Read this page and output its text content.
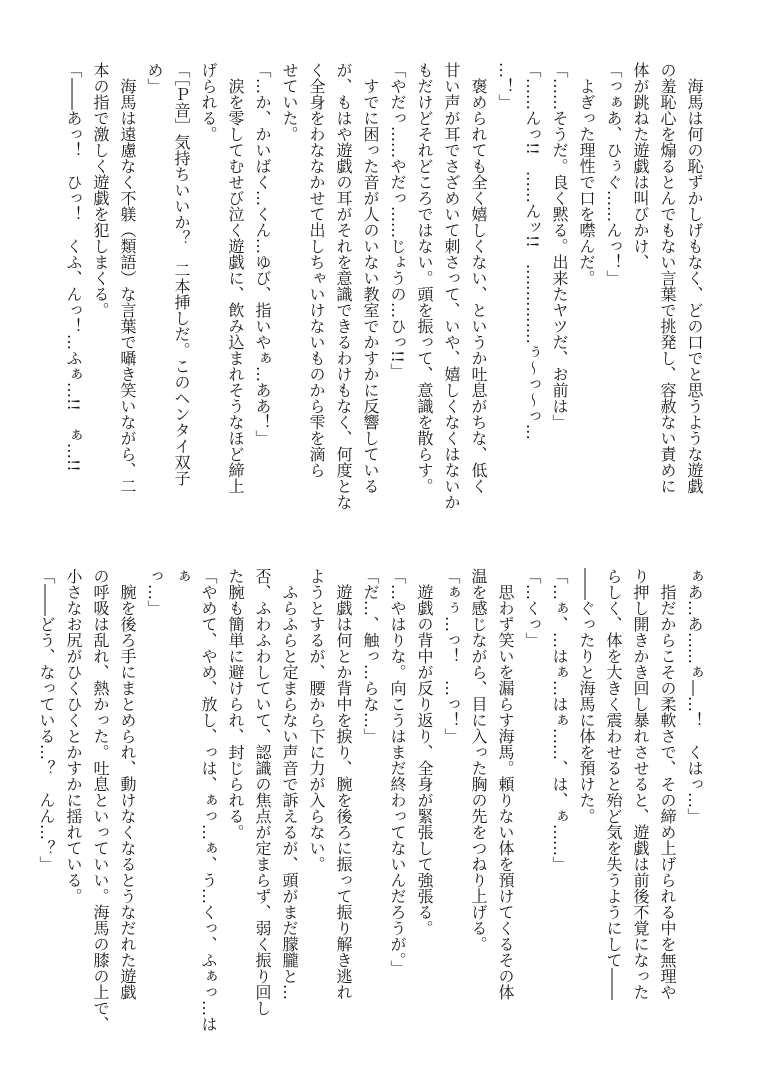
　海馬は何の恥ずかしげもなく、どの口でと思うような遊戯

の羞恥心を煽るとんでもない言葉で挑発し、容赦ない責めに

体が跳ねた遊戯は叫びかけ、

「っぁあ、ひぅぐ……んっ！」

　よぎった理性で口を噤んだ。

「……そうだ。良く黙る。出来たヤツだ、お前は」

「……んっ!!　……んッ!!　……………ぅ～っ～っ…

…！」

　褒められても全く嬉しくない、というか吐息がちな、低く

甘い声が耳でさざめいて刺さって、いや、嬉しくなくはないか

もだけどそれどころではない。頭を振って、意識を散らす。

「やだっ……やだっ……じょうの…ひっ!!」

　すでに困った音が人のいない教室でかすかに反響している

が、もはや遊戯の耳がそれを意識できるわけもなく、何度とな

く全身をわななかせて出しちゃいけないものから雫を滴ら

せていた。

「…か、かいばく…くん…ゆび、指いやぁ…ああ！」

　涙を零してむせび泣く遊戯に、飲み込まれそうなほど締上

げられる。

「［Ｐ音］気持ちいいか？　二本挿しだ。このヘンタイ双子

め」

　海馬は遠慮なく不躾（類語）な言葉で囁き笑いながら、二

本の指で激しく遊戯を犯しまくる。

「――あっ！　ひっ！　くふ、んっ！…ふぁ…!!　ぁ…!!

ぁあ…あ……ぁ―…！　くはっ…」

　指だからこその柔軟さで、その締め上げられる中を無理や

り押し開きかき回し暴れさせると、遊戯は前後不覚になった

らしく、体を大きく震わせると殆ど気を失うようにして――

――ぐったりと海馬に体を預けた。

「…ぁ、…はぁ…はぁ……、は、ぁ……」

「…くっ」

　思わず笑いを漏らす海馬。頼りない体を預けてくるその体

温を感じながら、目に入った胸の先をつねり上げる。

「ぁぅ…っ！　…っ！」

　遊戯の背中が反り返り、全身が緊張して強張る。

「…やはりな。向こうはまだ終わってないんだろうが。」

「だ…、触っ…らな…」

　遊戯は何とか背中を捩り、腕を後ろに振って振り解き逃れ

ようとするが、腰から下に力が入らない。

　ふらふらと定まらない声音で訴えるが、頭がまだ朦朧と…

否、ふわふわしていて、認識の焦点が定まらず、弱く振り回し

た腕も簡単に避けられ、封じられる。

「やめて、やめ、放し、っは、ぁっ…ぁ、う…くっ、ふぁっ…はぁ

っ…」

　腕を後ろ手にまとめられ、動けなくなるとうなだれた遊戯

の呼吸は乱れ、熱かった。吐息といっていい。海馬の膝の上で、

小さなお尻がひくひくとかすかに揺れている。

「――どう、なっている…？　んん…？」
